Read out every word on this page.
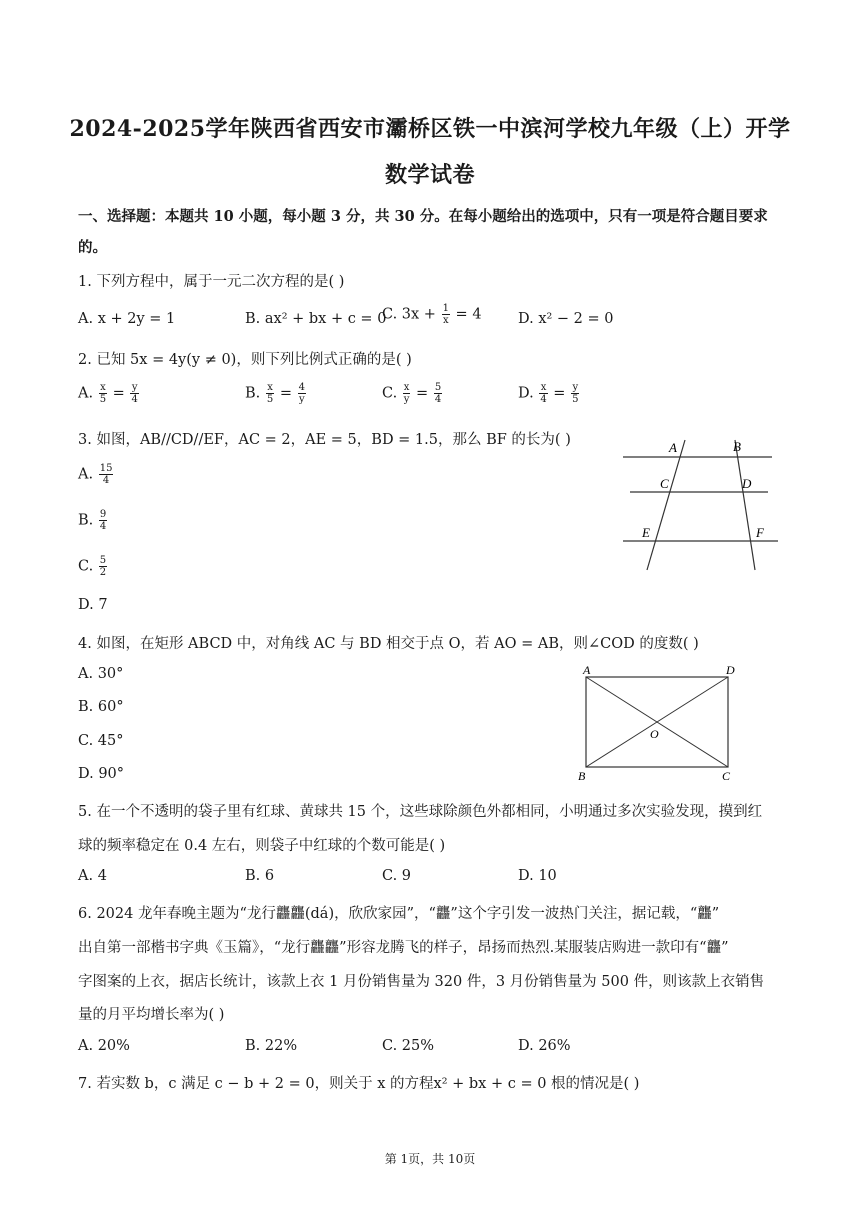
2024-2025学年陕西省西安市灞桥区铁一中滨河学校九年级（上）开学
数学试卷
一、选择题：本题共 10 小题，每小题 3 分，共 30 分。在每小题给出的选项中，只有一项是符合题目要求
的。
1. 下列方程中，属于一元二次方程的是( )
A. x + 2y = 1	B. ax² + bx + c = 0
C. $3x + \frac{1}{x} = 4$	D. x² − 2 = 0
2. 已知 5x = 4y(y ≠ 0)，则下列比例式正确的是( )
A. $\frac{x}{5} = \frac{y}{4}$	B. $\frac{x}{5} = \frac{4}{y}$	C. $\frac{x}{y} = \frac{5}{4}$	D. $\frac{x}{4} = \frac{y}{5}$
3. 如图，AB//CD//EF，AC = 2，AE = 5，BD = 1.5，那么 BF 的长为( )
A. $\frac{15}{4}$
B. $\frac{9}{4}$
C. $\frac{5}{2}$
D. 7
A	B
C	D
E	F
4. 如图，在矩形 ABCD 中，对角线 AC 与 BD 相交于点 O，若 AO = AB，则∠COD 的度数( )
A. 30°
B. 60°
C. 45°
D. 90°
A	D
B	C
O
5. 在一个不透明的袋子里有红球、黄球共 15 个，这些球除颜色外都相同，小明通过多次实验发现，摸到红
球的频率稳定在 0.4 左右，则袋子中红球的个数可能是( )
A. 4	B. 6	C. 9	D. 10
6. 2024 龙年春晚主题为“龙行龘龘(dá)，欣欣家园”，“龘”这个字引发一波热门关注，据记载，“龘”
出自第一部楷书字典《玉篇》，“龙行龘龘”形容龙腾飞的样子，昂扬而热烈.某服装店购进一款印有“龘”
字图案的上衣，据店长统计，该款上衣 1 月份销售量为 320 件，3 月份销售量为 500 件，则该款上衣销售
量的月平均增长率为( )
A. 20%	B. 22%	C. 25%	D. 26%
7. 若实数 b，c 满足 c − b + 2 = 0，则关于 x 的方程x² + bx + c = 0 根的情况是( )
第 1页，共 10页
